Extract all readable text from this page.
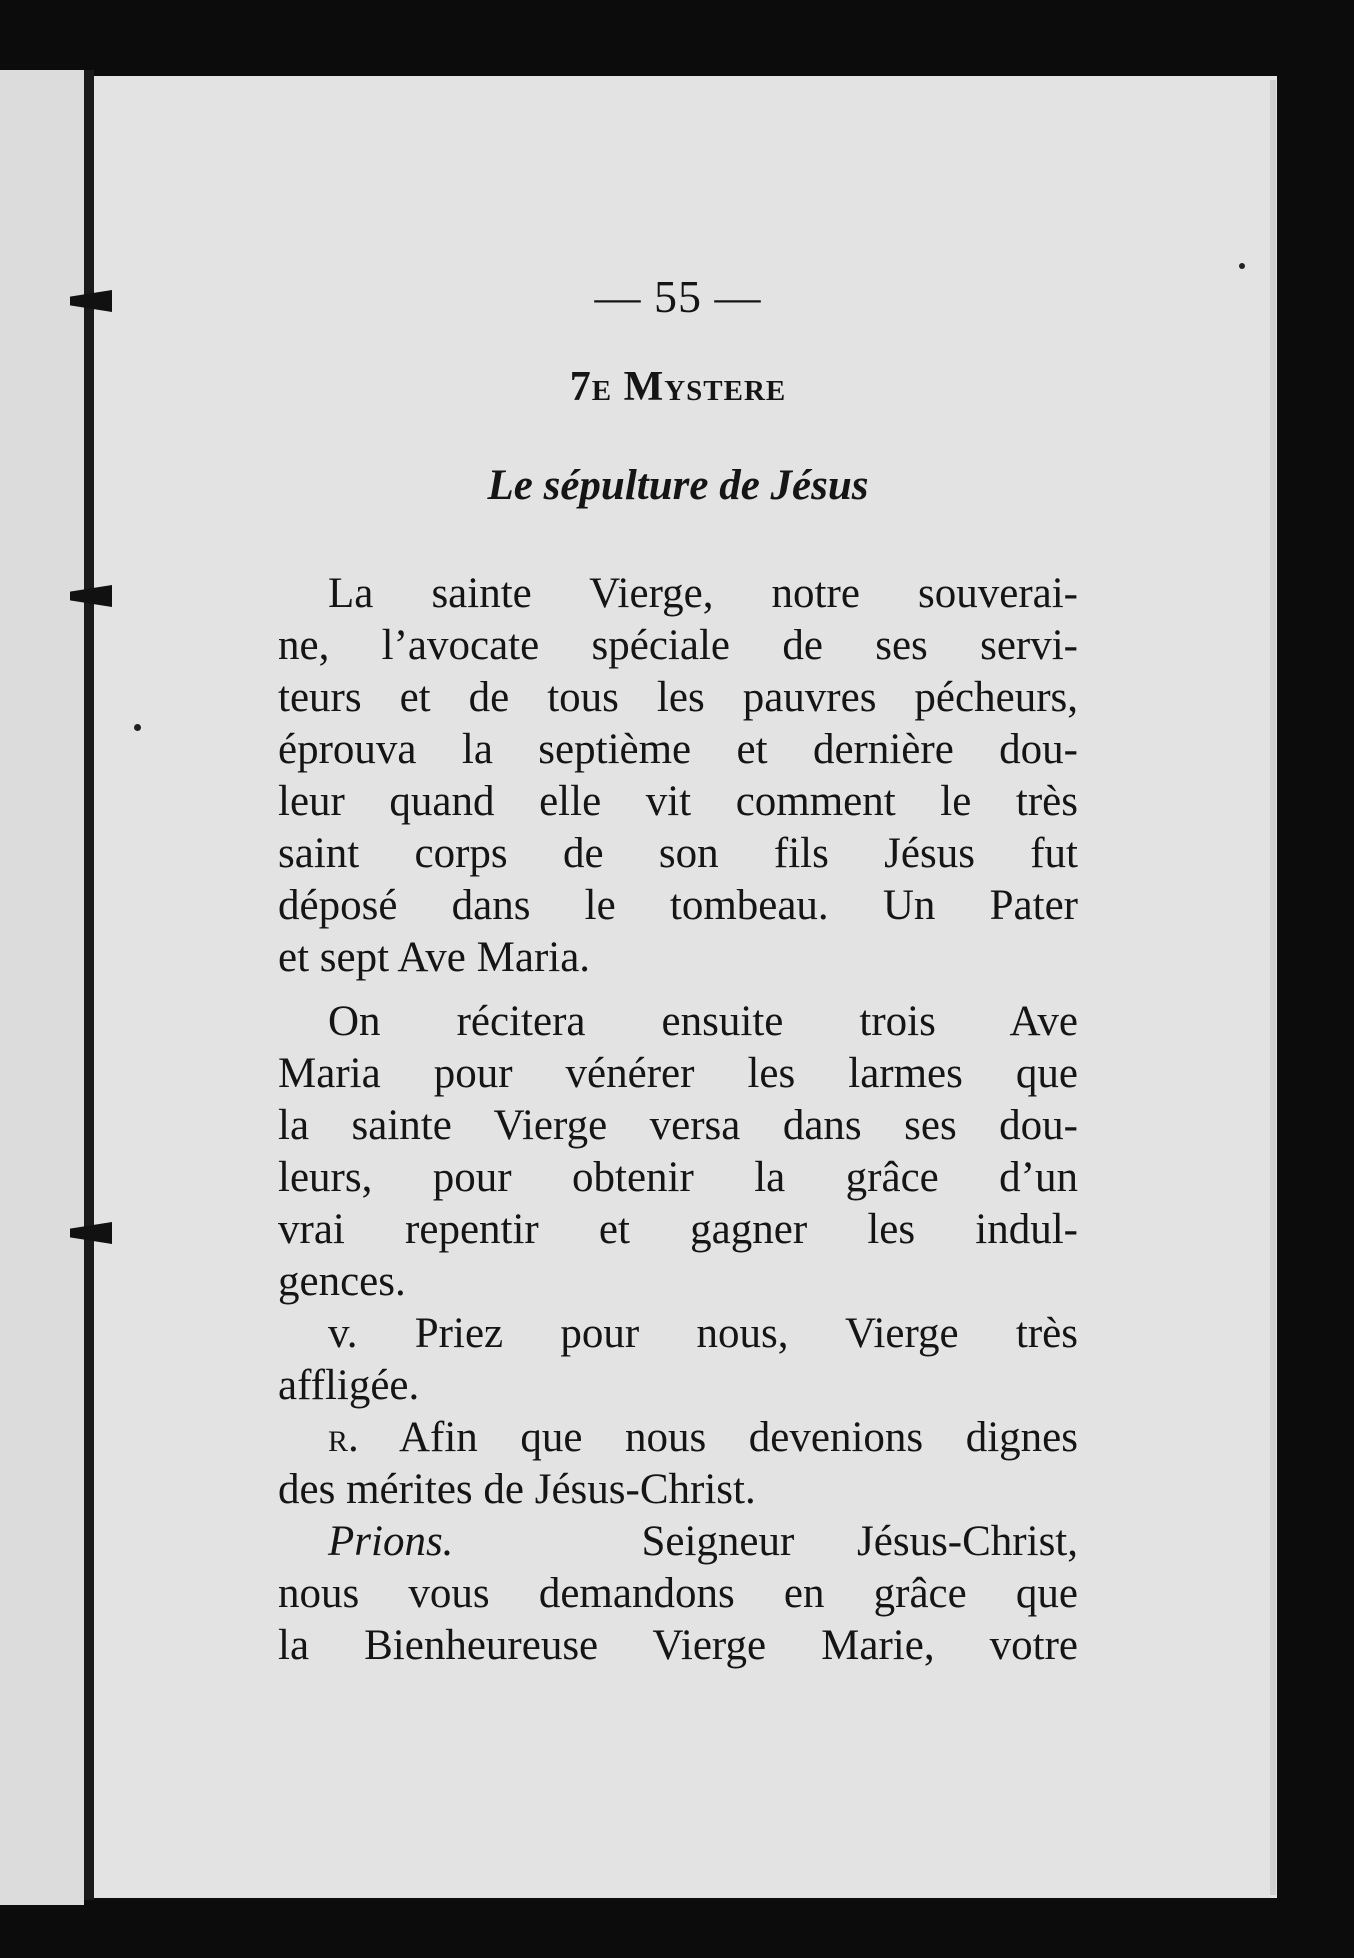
— 55 —
7e Mystere
Le sépulture de Jésus
La sainte Vierge, notre souverai-
ne, l’avocate spéciale de ses servi-
teurs et de tous les pauvres pécheurs,
éprouva la septième et dernière dou-
leur quand elle vit comment le très
saint corps de son fils Jésus fut
déposé dans le tombeau. Un Pater
et sept Ave Maria.
On récitera ensuite trois Ave
Maria pour vénérer les larmes que
la sainte Vierge versa dans ses dou-
leurs, pour obtenir la grâce d’un
vrai repentir et gagner les indul-
gences.
v. Priez pour nous, Vierge très
affligée.
r. Afin que nous devenions dignes
des mérites de Jésus-Christ.
Prions.	Seigneur Jésus-Christ,
nous vous demandons en grâce que
la Bienheureuse Vierge Marie, votre
